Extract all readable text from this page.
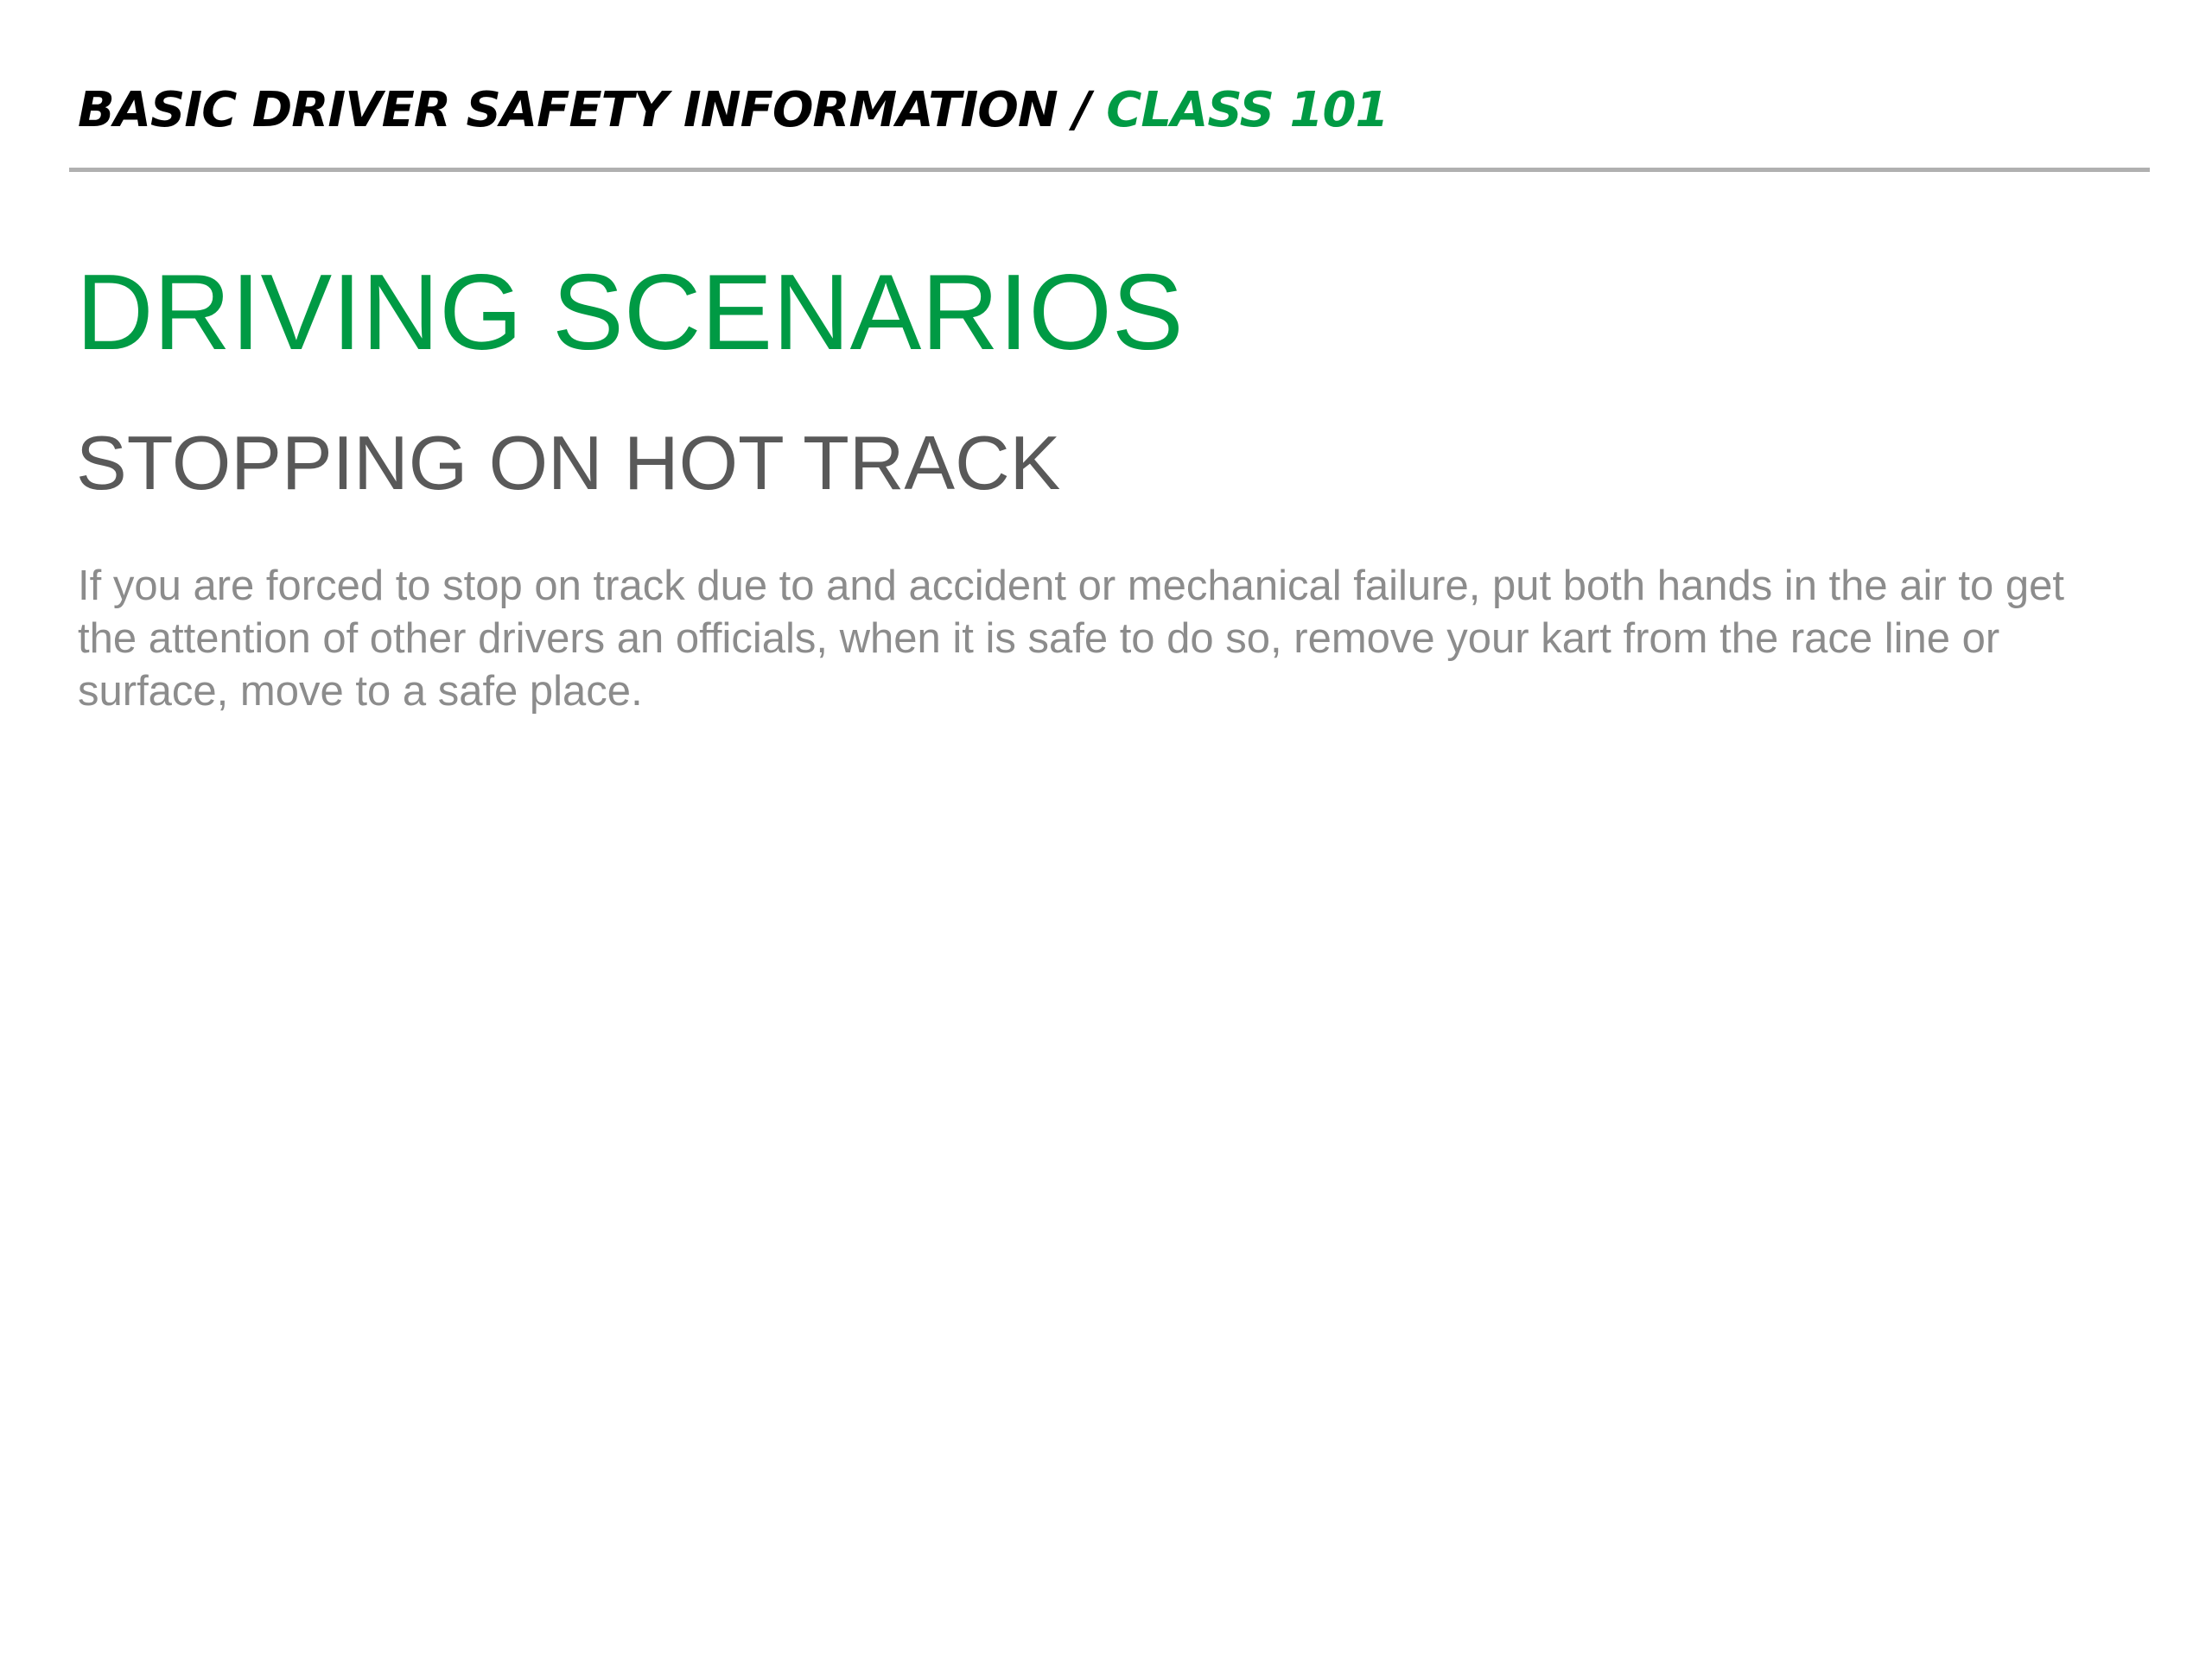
BASIC DRIVER SAFETY INFORMATION / CLASS 101
DRIVING SCENARIOS
STOPPING ON HOT TRACK
If you are forced to stop on track due to and accident or mechanical failure, put both hands in the air to get the attention of other drivers an officials, when it is safe to do so, remove your kart from the race line or surface, move to a safe place.
